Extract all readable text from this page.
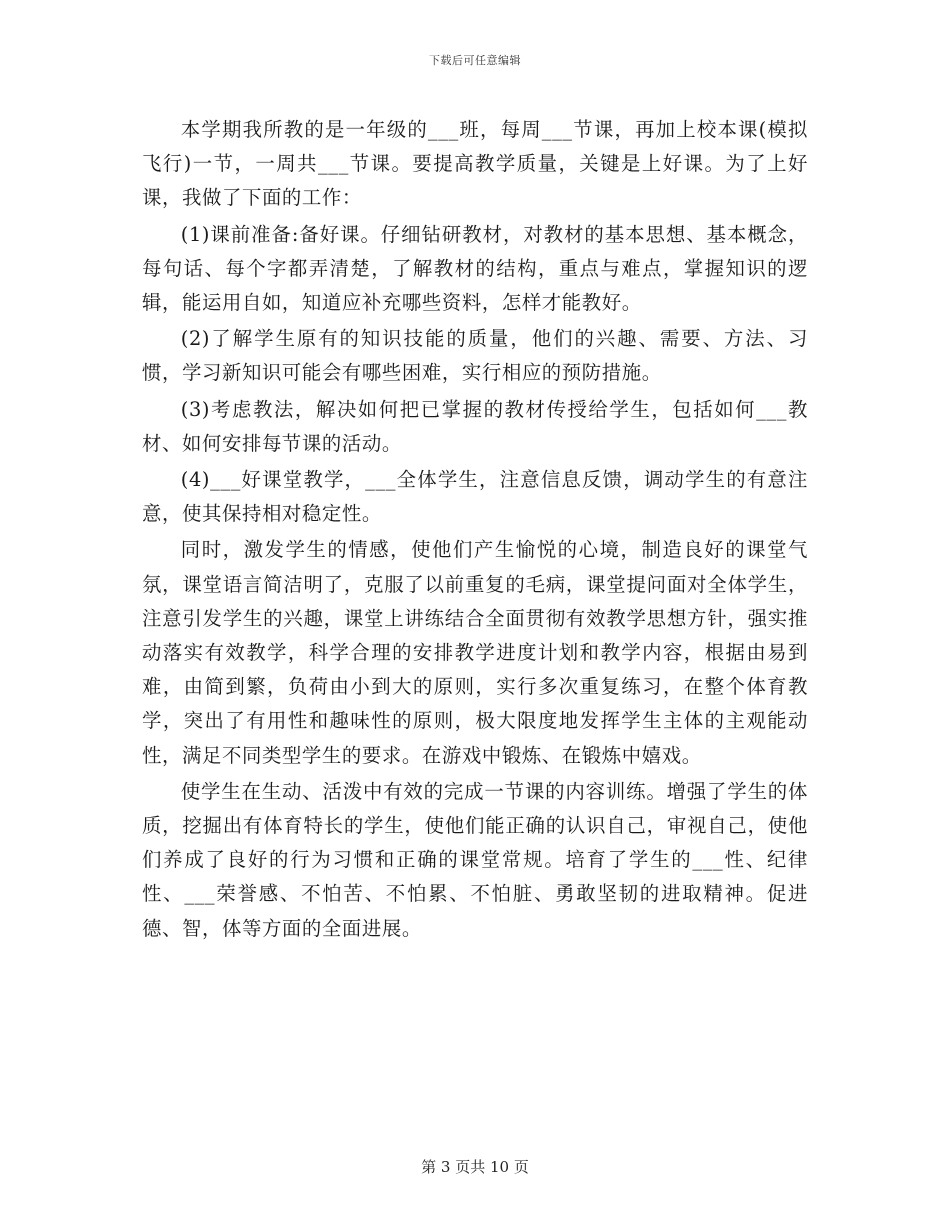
下载后可任意编辑

本学期我所教的是一年级的___班，每周___节课，再加上校本课(模拟飞行)一节，一周共___节课。要提高教学质量，关键是上好课。为了上好课，我做了下面的工作：

(1)课前准备:备好课。仔细钻研教材，对教材的基本思想、基本概念，每句话、每个字都弄清楚，了解教材的结构，重点与难点，掌握知识的逻辑，能运用自如，知道应补充哪些资料，怎样才能教好。

(2)了解学生原有的知识技能的质量，他们的兴趣、需要、方法、习惯，学习新知识可能会有哪些困难，实行相应的预防措施。

(3)考虑教法，解决如何把已掌握的教材传授给学生，包括如何___教材、如何安排每节课的活动。

(4)___好课堂教学，___全体学生，注意信息反馈，调动学生的有意注意，使其保持相对稳定性。

同时，激发学生的情感，使他们产生愉悦的心境，制造良好的课堂气氛，课堂语言简洁明了，克服了以前重复的毛病，课堂提问面对全体学生，注意引发学生的兴趣，课堂上讲练结合全面贯彻有效教学思想方针，强实推动落实有效教学，科学合理的安排教学进度计划和教学内容，根据由易到难，由简到繁，负荷由小到大的原则，实行多次重复练习，在整个体育教学，突出了有用性和趣味性的原则，极大限度地发挥学生主体的主观能动性，满足不同类型学生的要求。在游戏中锻炼、在锻炼中嬉戏。

使学生在生动、活泼中有效的完成一节课的内容训练。增强了学生的体质，挖掘出有体育特长的学生，使他们能正确的认识自己，审视自己，使他们养成了良好的行为习惯和正确的课堂常规。培育了学生的___性、纪律性、___荣誉感、不怕苦、不怕累、不怕脏、勇敢坚韧的进取精神。促进德、智，体等方面的全面进展。

第 3 页共 10 页
